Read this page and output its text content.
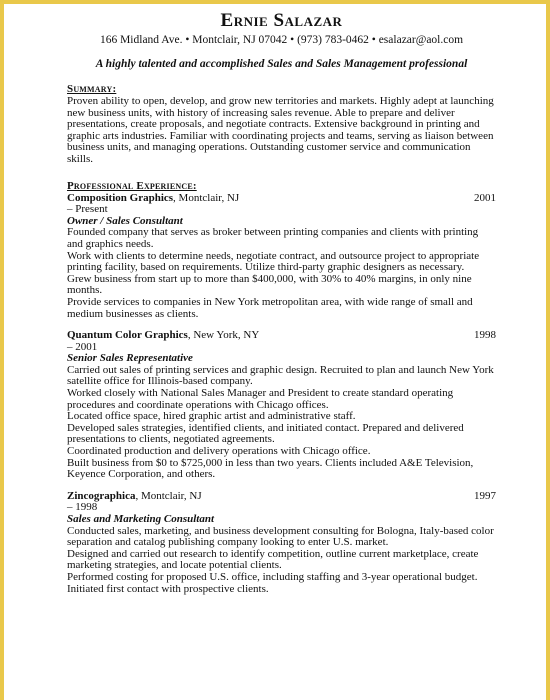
Ernie Salazar
166 Midland Ave. • Montclair, NJ 07042 • (973) 783-0462 • esalazar@aol.com
A highly talented and accomplished Sales and Sales Management professional
Summary:

Proven ability to open, develop, and grow new territories and markets. Highly adept at launching new business units, with history of increasing sales revenue. Able to prepare and deliver presentations, create proposals, and negotiate contracts. Extensive background in printing and graphic arts industries. Familiar with coordinating projects and teams, serving as liaison between business units, and managing operations. Outstanding customer service and communication skills.

Professional Experience:
Composition Graphics, Montclair, NJ	2001
– Present
Owner / Sales Consultant

Founded company that serves as broker between printing companies and clients with printing and graphics needs.

Work with clients to determine needs, negotiate contract, and outsource project to appropriate printing facility, based on requirements. Utilize third-party graphic designers as necessary.

Grew business from start up to more than $400,000, with 30% to 40% margins, in only nine months.

Provide services to companies in New York metropolitan area, with wide range of small and medium businesses as clients.

Quantum Color Graphics, New York, NY	1998
– 2001
Senior Sales Representative

Carried out sales of printing services and graphic design. Recruited to plan and launch New York satellite office for Illinois-based company.

Worked closely with National Sales Manager and President to create standard operating procedures and coordinate operations with Chicago offices.

Located office space, hired graphic artist and administrative staff.

Developed sales strategies, identified clients, and initiated contact. Prepared and delivered presentations to clients, negotiated agreements.

Coordinated production and delivery operations with Chicago office.

Built business from $0 to $725,000 in less than two years. Clients included A&E Television, Keyence Corporation, and others.

Zincographica, Montclair, NJ	1997
– 1998
Sales and Marketing Consultant

Conducted sales, marketing, and business development consulting for Bologna, Italy-based color separation and catalog publishing company looking to enter U.S. market.

Designed and carried out research to identify competition, outline current marketplace, create marketing strategies, and locate potential clients.

Performed costing for proposed U.S. office, including staffing and 3-year operational budget.

Initiated first contact with prospective clients.
